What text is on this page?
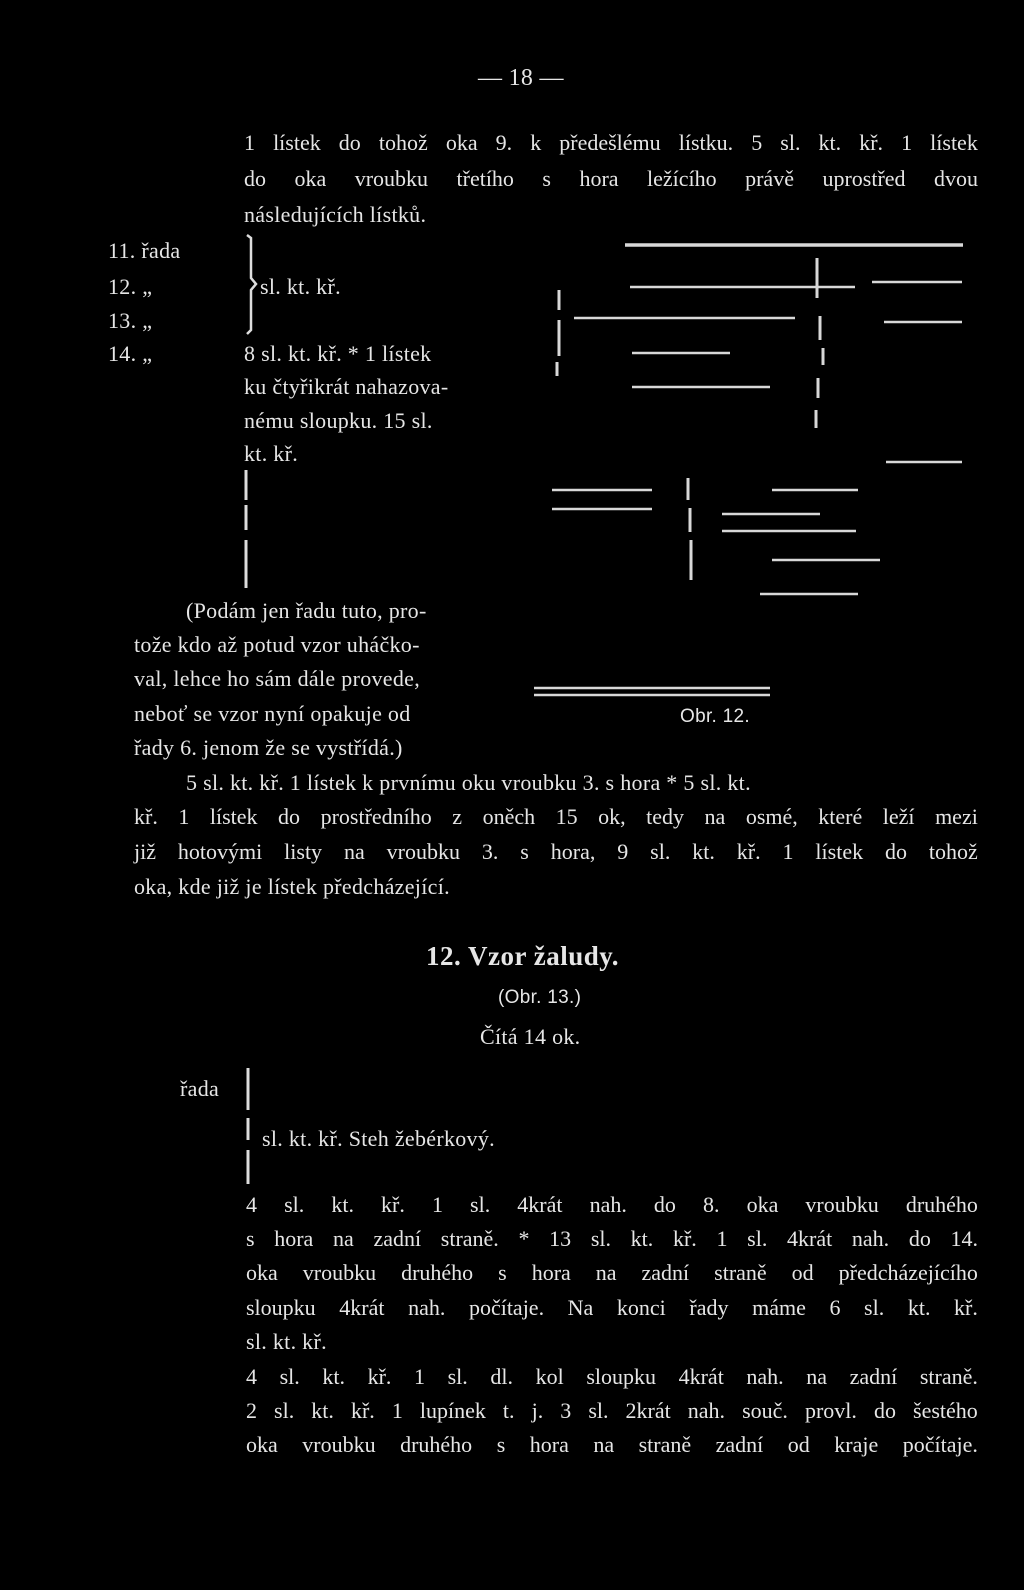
— 18 —
1 lístek do tohož oka 9. k předešlému lístku. 5 sl. kt. kř. 1 lístek
do oka vroubku třetího s hora ležícího právě uprostřed dvou
následujících lístků.
11. řada
12. „
13. „
14. „
sl. kt. kř.
8 sl. kt. kř. * 1 lístek
ku čtyřikrát nahazova-
nému sloupku. 15 sl.
kt. kř.
(Podám jen řadu tuto, pro-
tože kdo až potud vzor uháčko-
val, lehce ho sám dále provede,
neboť se vzor nyní opakuje od
řady 6. jenom že se vystřídá.)
Obr. 12.
5 sl. kt. kř. 1 lístek k prvnímu oku vroubku 3. s hora * 5 sl. kt.
kř. 1 lístek do prostředního z oněch 15 ok, tedy na osmé, které leží mezi
již hotovými listy na vroubku 3. s hora, 9 sl. kt. kř. 1 lístek do tohož
oka, kde již je lístek předcházející.
12. Vzor žaludy.
(Obr. 13.)
Čítá 14 ok.
řada
sl. kt. kř. Steh žebérkový.
4 sl. kt. kř. 1 sl. 4krát nah. do 8. oka vroubku druhého
s hora na zadní straně. * 13 sl. kt. kř. 1 sl. 4krát nah. do 14.
oka vroubku druhého s hora na zadní straně od předcházejícího
sloupku 4krát nah. počítaje. Na konci řady máme 6 sl. kt. kř.
sl. kt. kř.
4 sl. kt. kř. 1 sl. dl. kol sloupku 4krát nah. na zadní straně.
2 sl. kt. kř. 1 lupínek t. j. 3 sl. 2krát nah. souč. provl. do šestého
oka vroubku druhého s hora na straně zadní od kraje počítaje.
